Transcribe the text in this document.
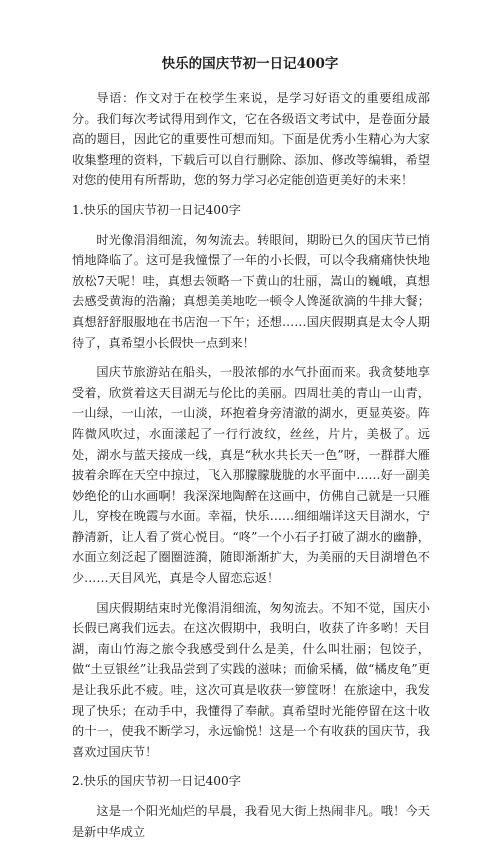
快乐的国庆节初一日记400字

导语：作文对于在校学生来说，是学习好语文的重要组成部分。我们每次考试得用到作文，它在各级语文考试中，是卷面分最高的题目，因此它的重要性可想而知。下面是优秀小生精心为大家收集整理的资料，下载后可以自行删除、添加、修改等编辑，希望对您的使用有所帮助，您的努力学习必定能创造更美好的未来！

1.快乐的国庆节初一日记400字

时光像涓涓细流，匆匆流去。转眼间，期盼已久的国庆节已悄悄地降临了。这可是我憧憬了一年的小长假，可以令我痛痛快快地放松7天呢！哇，真想去领略一下黄山的壮丽，嵩山的巍峨，真想去感受黄海的浩瀚；真想美美地吃一顿令人馋涎欲滴的牛排大餐；真想舒舒服服地在书店泡一下午；还想……国庆假期真是太令人期待了，真希望小长假快一点到来！

国庆节旅游站在船头，一股浓郁的水气扑面而来。我贪婪地享受着，欣赏着这天目湖无与伦比的美丽。四周壮美的青山一山青，一山绿，一山浓，一山淡，环抱着身旁清澈的湖水，更显英姿。阵阵微风吹过，水面漾起了一行行波纹，丝丝，片片，美极了。远处，湖水与蓝天接成一线，真是“秋水共长天一色”呀，一群群大雁披着余晖在天空中掠过，飞入那朦朦胧胧的水平面中……好一副美妙绝伦的山水画啊！我深深地陶醉在这画中，仿佛自己就是一只雁儿，穿梭在晚霞与水面。幸福，快乐……细细端详这天目湖水，宁静清新，让人看了赏心悦目。“咚”一个小石子打破了湖水的幽静，水面立刻泛起了圈圈涟漪，随即渐渐扩大，为美丽的天目湖增色不少……天目风光，真是令人留恋忘返！

国庆假期结束时光像涓涓细流，匆匆流去。不知不觉，国庆小长假已离我们远去。在这次假期中，我明白，收获了许多哟！天目湖，南山竹海之旅令我感受到什么是美，什么叫壮丽；包饺子，做“土豆银丝”让我品尝到了实践的滋味；而偷采橘，做“橘皮龟”更是让我乐此不疲。哇，这次可真是收获一箩筐呀！在旅途中，我发现了快乐；在动手中，我懂得了奉献。真希望时光能停留在这十收的十一，使我不断学习，永远愉悦！这是一个有收获的国庆节，我喜欢过国庆节！

2.快乐的国庆节初一日记400字

这是一个阳光灿烂的早晨，我看见大街上热闹非凡。哦！今天是新中华成立
